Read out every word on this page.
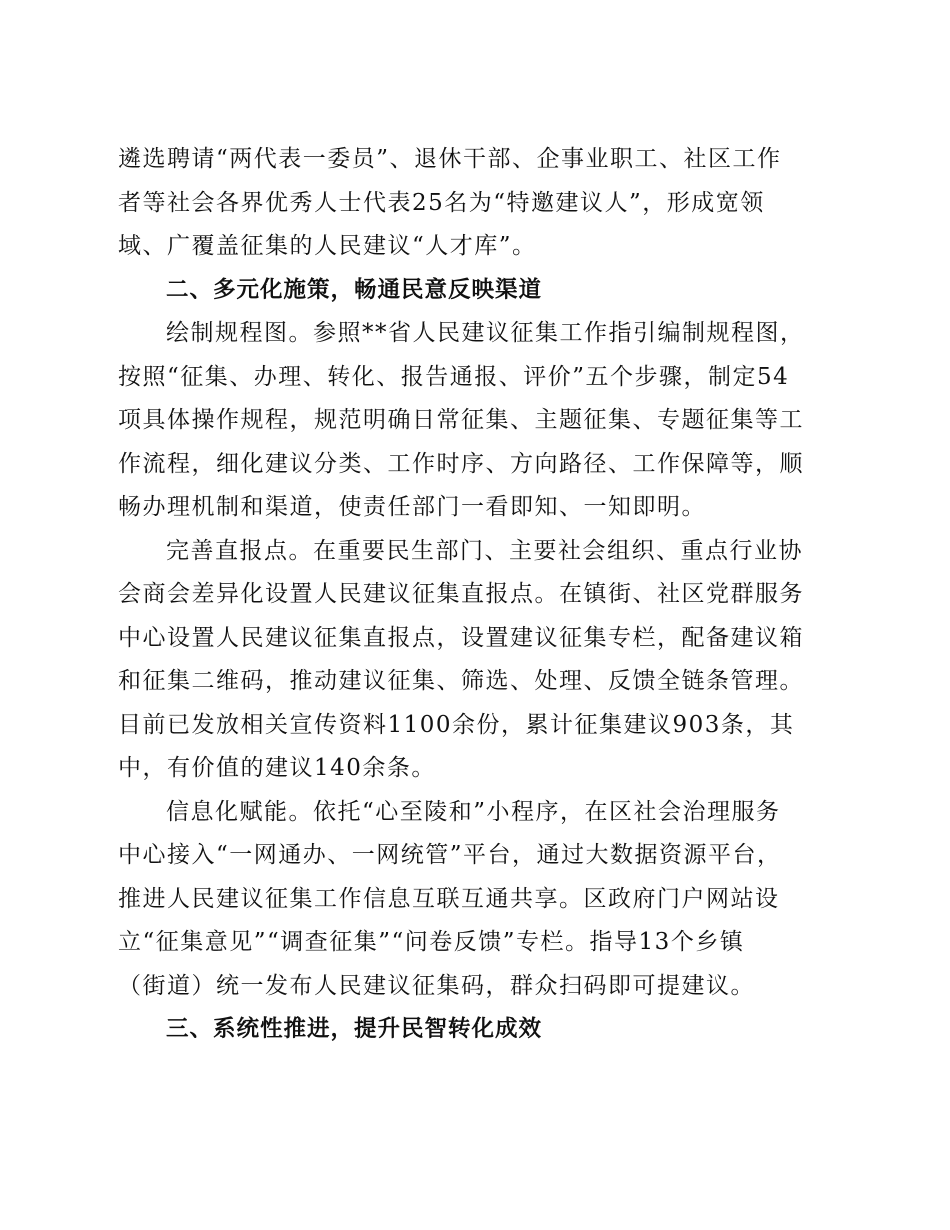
遴选聘请“两代表一委员”、退休干部、企事业职工、社区工作
者等社会各界优秀人士代表25名为“特邀建议人”，形成宽领
域、广覆盖征集的人民建议“人才库”。
二、多元化施策，畅通民意反映渠道
绘制规程图。参照**省人民建议征集工作指引编制规程图，
按照“征集、办理、转化、报告通报、评价”五个步骤，制定54
项具体操作规程，规范明确日常征集、主题征集、专题征集等工
作流程，细化建议分类、工作时序、方向路径、工作保障等，顺
畅办理机制和渠道，使责任部门一看即知、一知即明。
完善直报点。在重要民生部门、主要社会组织、重点行业协
会商会差异化设置人民建议征集直报点。在镇街、社区党群服务
中心设置人民建议征集直报点，设置建议征集专栏，配备建议箱
和征集二维码，推动建议征集、筛选、处理、反馈全链条管理。
目前已发放相关宣传资料1100余份，累计征集建议903条，其
中，有价值的建议140余条。
信息化赋能。依托“心至陵和”小程序，在区社会治理服务
中心接入“一网通办、一网统管”平台，通过大数据资源平台，
推进人民建议征集工作信息互联互通共享。区政府门户网站设
立“征集意见”“调查征集”“问卷反馈”专栏。指导13个乡镇
（街道）统一发布人民建议征集码，群众扫码即可提建议。
三、系统性推进，提升民智转化成效
